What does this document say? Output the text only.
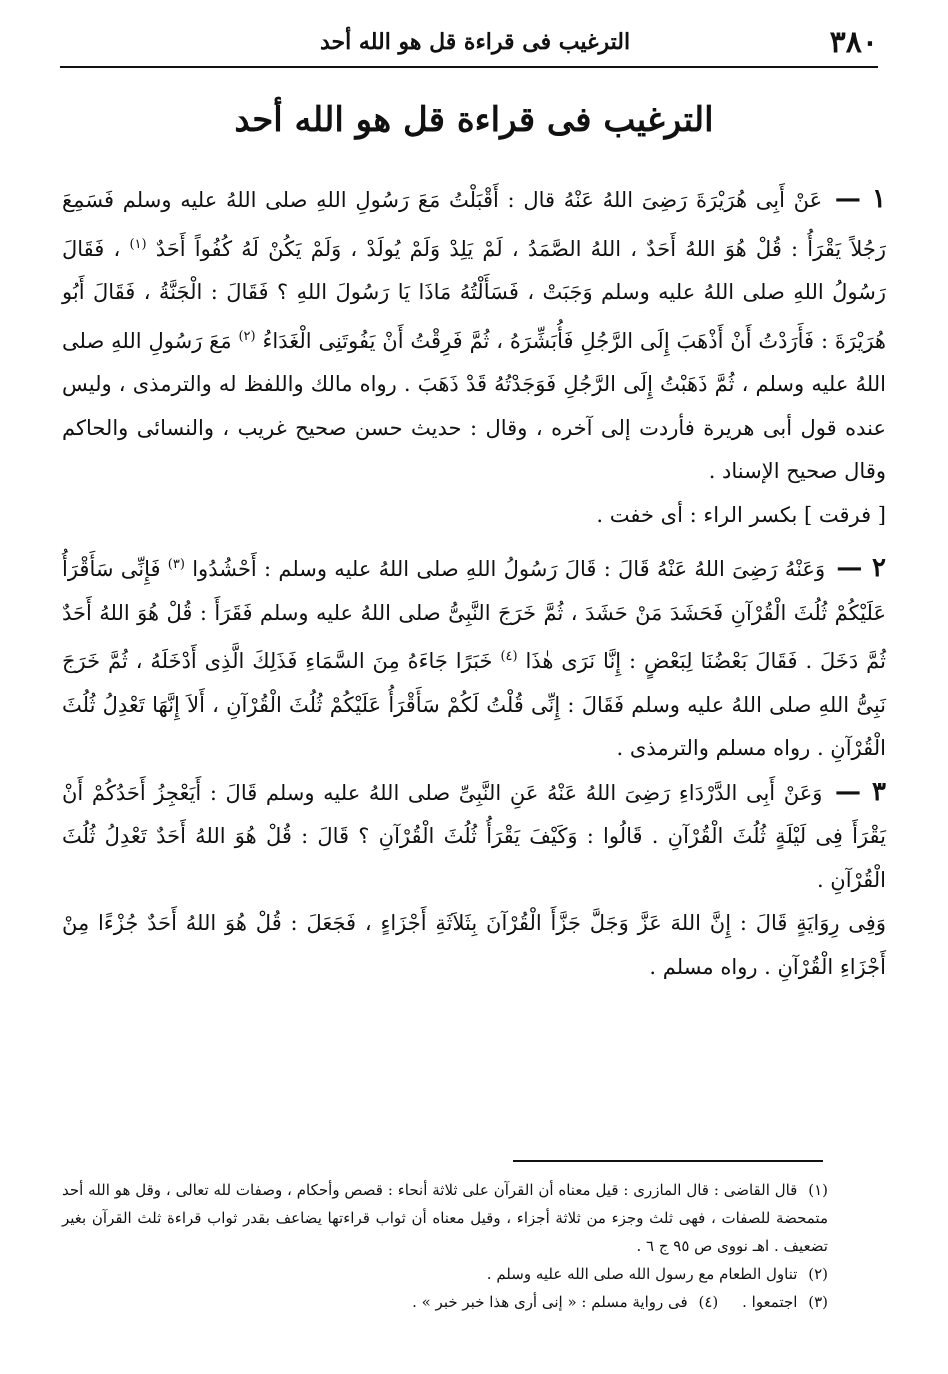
٣٨٠
الترغيب فى قراءة قل هو الله أحد
الترغيب فى قراءة قل هو الله أحد

١ — عَنْ أَبِى هُرَيْرَةَ رَضِىَ اللهُ عَنْهُ قال : أَقْبَلْتُ مَعَ رَسُولِ اللهِ صلى اللهُ عليه وسلم فَسَمِعَ رَجُلاً يَقْرَأُ : قُلْ هُوَ اللهُ أَحَدٌ ، اللهُ الصَّمَدُ ، لَمْ يَلِدْ وَلَمْ يُولَدْ ، وَلَمْ يَكُنْ لَهُ كُفُواً أَحَدٌ $^{(١)}$ ، فَقَالَ رَسُولُ اللهِ صلى اللهُ عليه وسلم وَجَبَتْ ، فَسَأَلْتُهُ مَاذَا يَا رَسُولَ اللهِ ؟ فَقَالَ : الْجَنَّةُ ، فَقَالَ أَبُو هُرَيْرَةَ : فَأَرَدْتُ أَنْ أَذْهَبَ إِلَى الرَّجُلِ فَأُبَشِّرَهُ ، ثُمَّ فَرِقْتُ أَنْ يَفُوتَنِى الْغَدَاءُ $^{(٢)}$ مَعَ رَسُولِ اللهِ صلى اللهُ عليه وسلم ، ثُمَّ ذَهَبْتُ إِلَى الرَّجُلِ فَوَجَدْتُهُ قَدْ ذَهَبَ . رواه مالك واللفظ له والترمذى ، وليس عنده قول أبى هريرة فأردت إلى آخره ، وقال : حديث حسن صحيح غريب ، والنسائى والحاكم وقال صحيح الإسناد .

[ فرقت ] بكسر الراء : أى خفت .

٢ — وَعَنْهُ رَضِىَ اللهُ عَنْهُ قَالَ : قَالَ رَسُولُ اللهِ صلى اللهُ عليه وسلم : أَحْشُدُوا $^{(٣)}$ فَإِنِّى سَأَقْرَأُ عَلَيْكُمْ ثُلُثَ الْقُرْآنِ فَحَشَدَ مَنْ حَشَدَ ، ثُمَّ خَرَجَ النَّبِىُّ صلى اللهُ عليه وسلم فَقَرَأَ : قُلْ هُوَ اللهُ أَحَدٌ ثُمَّ دَخَلَ . فَقَالَ بَعْضُنَا لِبَعْضٍ : إِنَّا نَرَى هٰذَا $^{(٤)}$ خَبَرًا جَاءَهُ مِنَ السَّمَاءِ فَذَلِكَ الَّذِى أَدْخَلَهُ ، ثُمَّ خَرَجَ نَبِىُّ اللهِ صلى اللهُ عليه وسلم فَقَالَ : إِنِّى قُلْتُ لَكُمْ سَأَقْرَأُ عَلَيْكُمْ ثُلُثَ الْقُرْآنِ ، أَلاَ إِنَّهَا تَعْدِلُ ثُلُثَ الْقُرْآنِ . رواه مسلم والترمذى .

٣ — وَعَنْ أَبِى الدَّرْدَاءِ رَضِىَ اللهُ عَنْهُ عَنِ النَّبِىِّ صلى اللهُ عليه وسلم قَالَ : أَيَعْجِزُ أَحَدُكُمْ أَنْ يَقْرَأَ فِى لَيْلَةٍ ثُلُثَ الْقُرْآنِ . قَالُوا : وَكَيْفَ يَقْرَأُ ثُلُثَ الْقُرْآنِ ؟ قَالَ : قُلْ هُوَ اللهُ أَحَدٌ تَعْدِلُ ثُلُثَ الْقُرْآنِ .

وَفِى رِوَايَةٍ قَالَ : إِنَّ اللهَ عَزَّ وَجَلَّ جَزَّأَ الْقُرْآنَ بِثَلاَثَةِ أَجْزَاءٍ ، فَجَعَلَ : قُلْ هُوَ اللهُ أَحَدٌ جُزْءًا مِنْ أَجْزَاءِ الْقُرْآنِ . رواه مسلم .

(١) قال القاضى : قال المازرى : قيل معناه أن القرآن على ثلاثة أنحاء : قصص وأحكام ، وصفات لله تعالى ، وقل هو الله أحد متمحضة للصفات ، فهى ثلث وجزء من ثلاثة أجزاء ، وقيل معناه أن ثواب قراءتها يضاعف بقدر ثواب قراءة ثلث القرآن بغير تضعيف . اهـ نووى ص ٩٥ ج ٦ .

(٢) تناول الطعام مع رسول الله صلى الله عليه وسلم .

(٣) اجتمعوا .     (٤) فى رواية مسلم : « إنى أرى هذا خبر خبر » .
